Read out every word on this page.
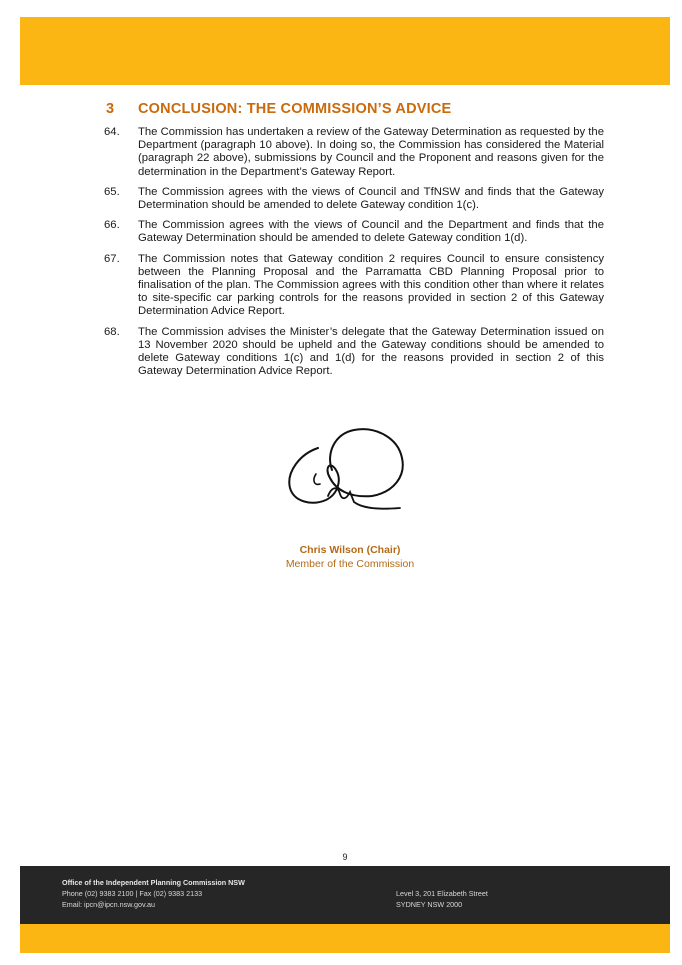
3 CONCLUSION: THE COMMISSION’S ADVICE
64.	The Commission has undertaken a review of the Gateway Determination as requested by the Department (paragraph 10 above). In doing so, the Commission has considered the Material (paragraph 22 above), submissions by Council and the Proponent and reasons given for the determination in the Department’s Gateway Report.
65.	The Commission agrees with the views of Council and TfNSW and finds that the Gateway Determination should be amended to delete Gateway condition 1(c).
66.	The Commission agrees with the views of Council and the Department and finds that the Gateway Determination should be amended to delete Gateway condition 1(d).
67.	The Commission notes that Gateway condition 2 requires Council to ensure consistency between the Planning Proposal and the Parramatta CBD Planning Proposal prior to finalisation of the plan. The Commission agrees with this condition other than where it relates to site-specific car parking controls for the reasons provided in section 2 of this Gateway Determination Advice Report.
68.	The Commission advises the Minister’s delegate that the Gateway Determination issued on 13 November 2020 should be upheld and the Gateway conditions should be amended to delete Gateway conditions 1(c) and 1(d) for the reasons provided in section 2 of this Gateway Determination Advice Report.
Chris Wilson (Chair)
Member of the Commission
9
Office of the Independent Planning Commission NSW
Phone (02) 9383 2100 | Fax (02) 9383 2133
Email: ipcn@ipcn.nsw.gov.au
Level 3, 201 Elizabeth Street
SYDNEY NSW 2000
